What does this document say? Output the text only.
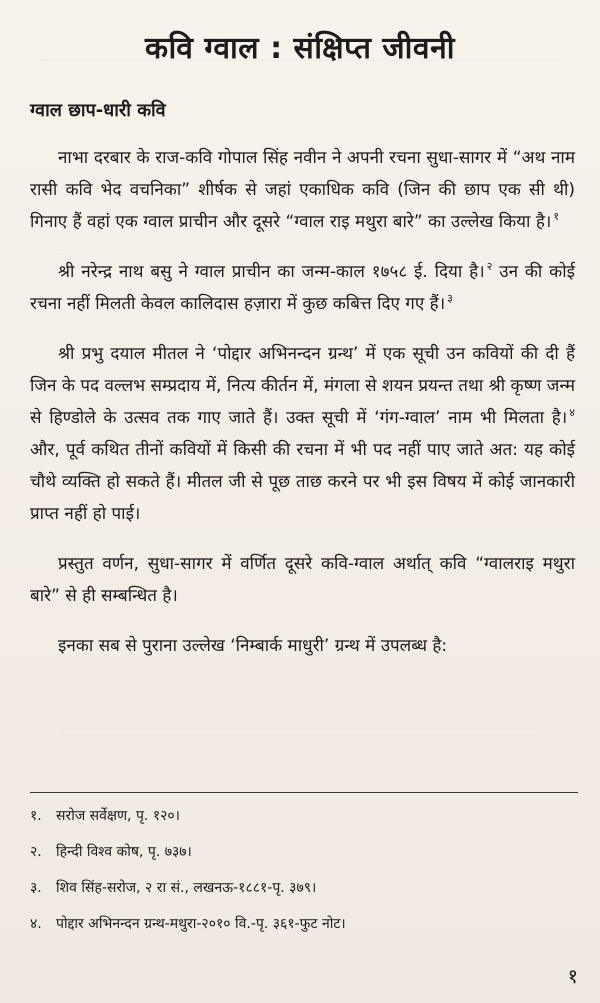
कवि ग्वाल : संक्षिप्त जीवनी
ग्वाल छाप-धारी कवि

नाभा दरबार के राज-कवि गोपाल सिंह नवीन ने अपनी रचना सुधा-सागर में “अथ नाम रासी कवि भेद वचनिका” शीर्षक से जहां एकाधिक कवि (जिन की छाप एक सी थी) गिनाए हैं वहां एक ग्वाल प्राचीन और दूसरे “ग्वाल राइ मथुरा बारे” का उल्लेख किया है। $^१$

श्री नरेन्द्र नाथ बसु ने ग्वाल प्राचीन का जन्म-काल १७५८ ई. दिया है। $^२$ उन की कोई रचना नहीं मिलती केवल कालिदास हज़ारा में कुछ कबित्त दिए गए हैं। $^३$

श्री प्रभु दयाल मीतल ने ‘पोद्दार अभिनन्दन ग्रन्थ’ में एक सूची उन कवियों की दी हैं जिन के पद वल्लभ सम्प्रदाय में, नित्य कीर्तन में, मंगला से शयन प्रयन्त तथा श्री कृष्ण जन्म से हिण्डोले के उत्सव तक गाए जाते हैं। उक्त सूची में ‘गंग-ग्वाल’ नाम भी मिलता है। $^४$ और, पूर्व कथित तीनों कवियों में किसी की रचना में भी पद नहीं पाए जाते अत: यह कोई चौथे व्यक्ति हो सकते हैं। मीतल जी से पूछ ताछ करने पर भी इस विषय में कोई जानकारी प्राप्त नहीं हो पाई।

प्रस्तुत वर्णन, सुधा-सागर में वर्णित दूसरे कवि-ग्वाल अर्थात् कवि “ग्वालराइ मथुरा बारे” से ही सम्बन्धित है।

इनका सब से पुराना उल्लेख ‘निम्बार्क माधुरी’ ग्रन्थ में उपलब्ध है:

१.	सरोज सर्वेक्षण, पृ. १२०।
२.	हिन्दी विश्व कोष, पृ. ७३७।
३.	शिव सिंह-सरोज, २ रा सं., लखनऊ-१८८१-पृ. ३७९।
४.	पोद्दार अभिनन्दन ग्रन्थ-मथुरा-२०१० वि.-पृ. ३६१-फुट नोट।
१
